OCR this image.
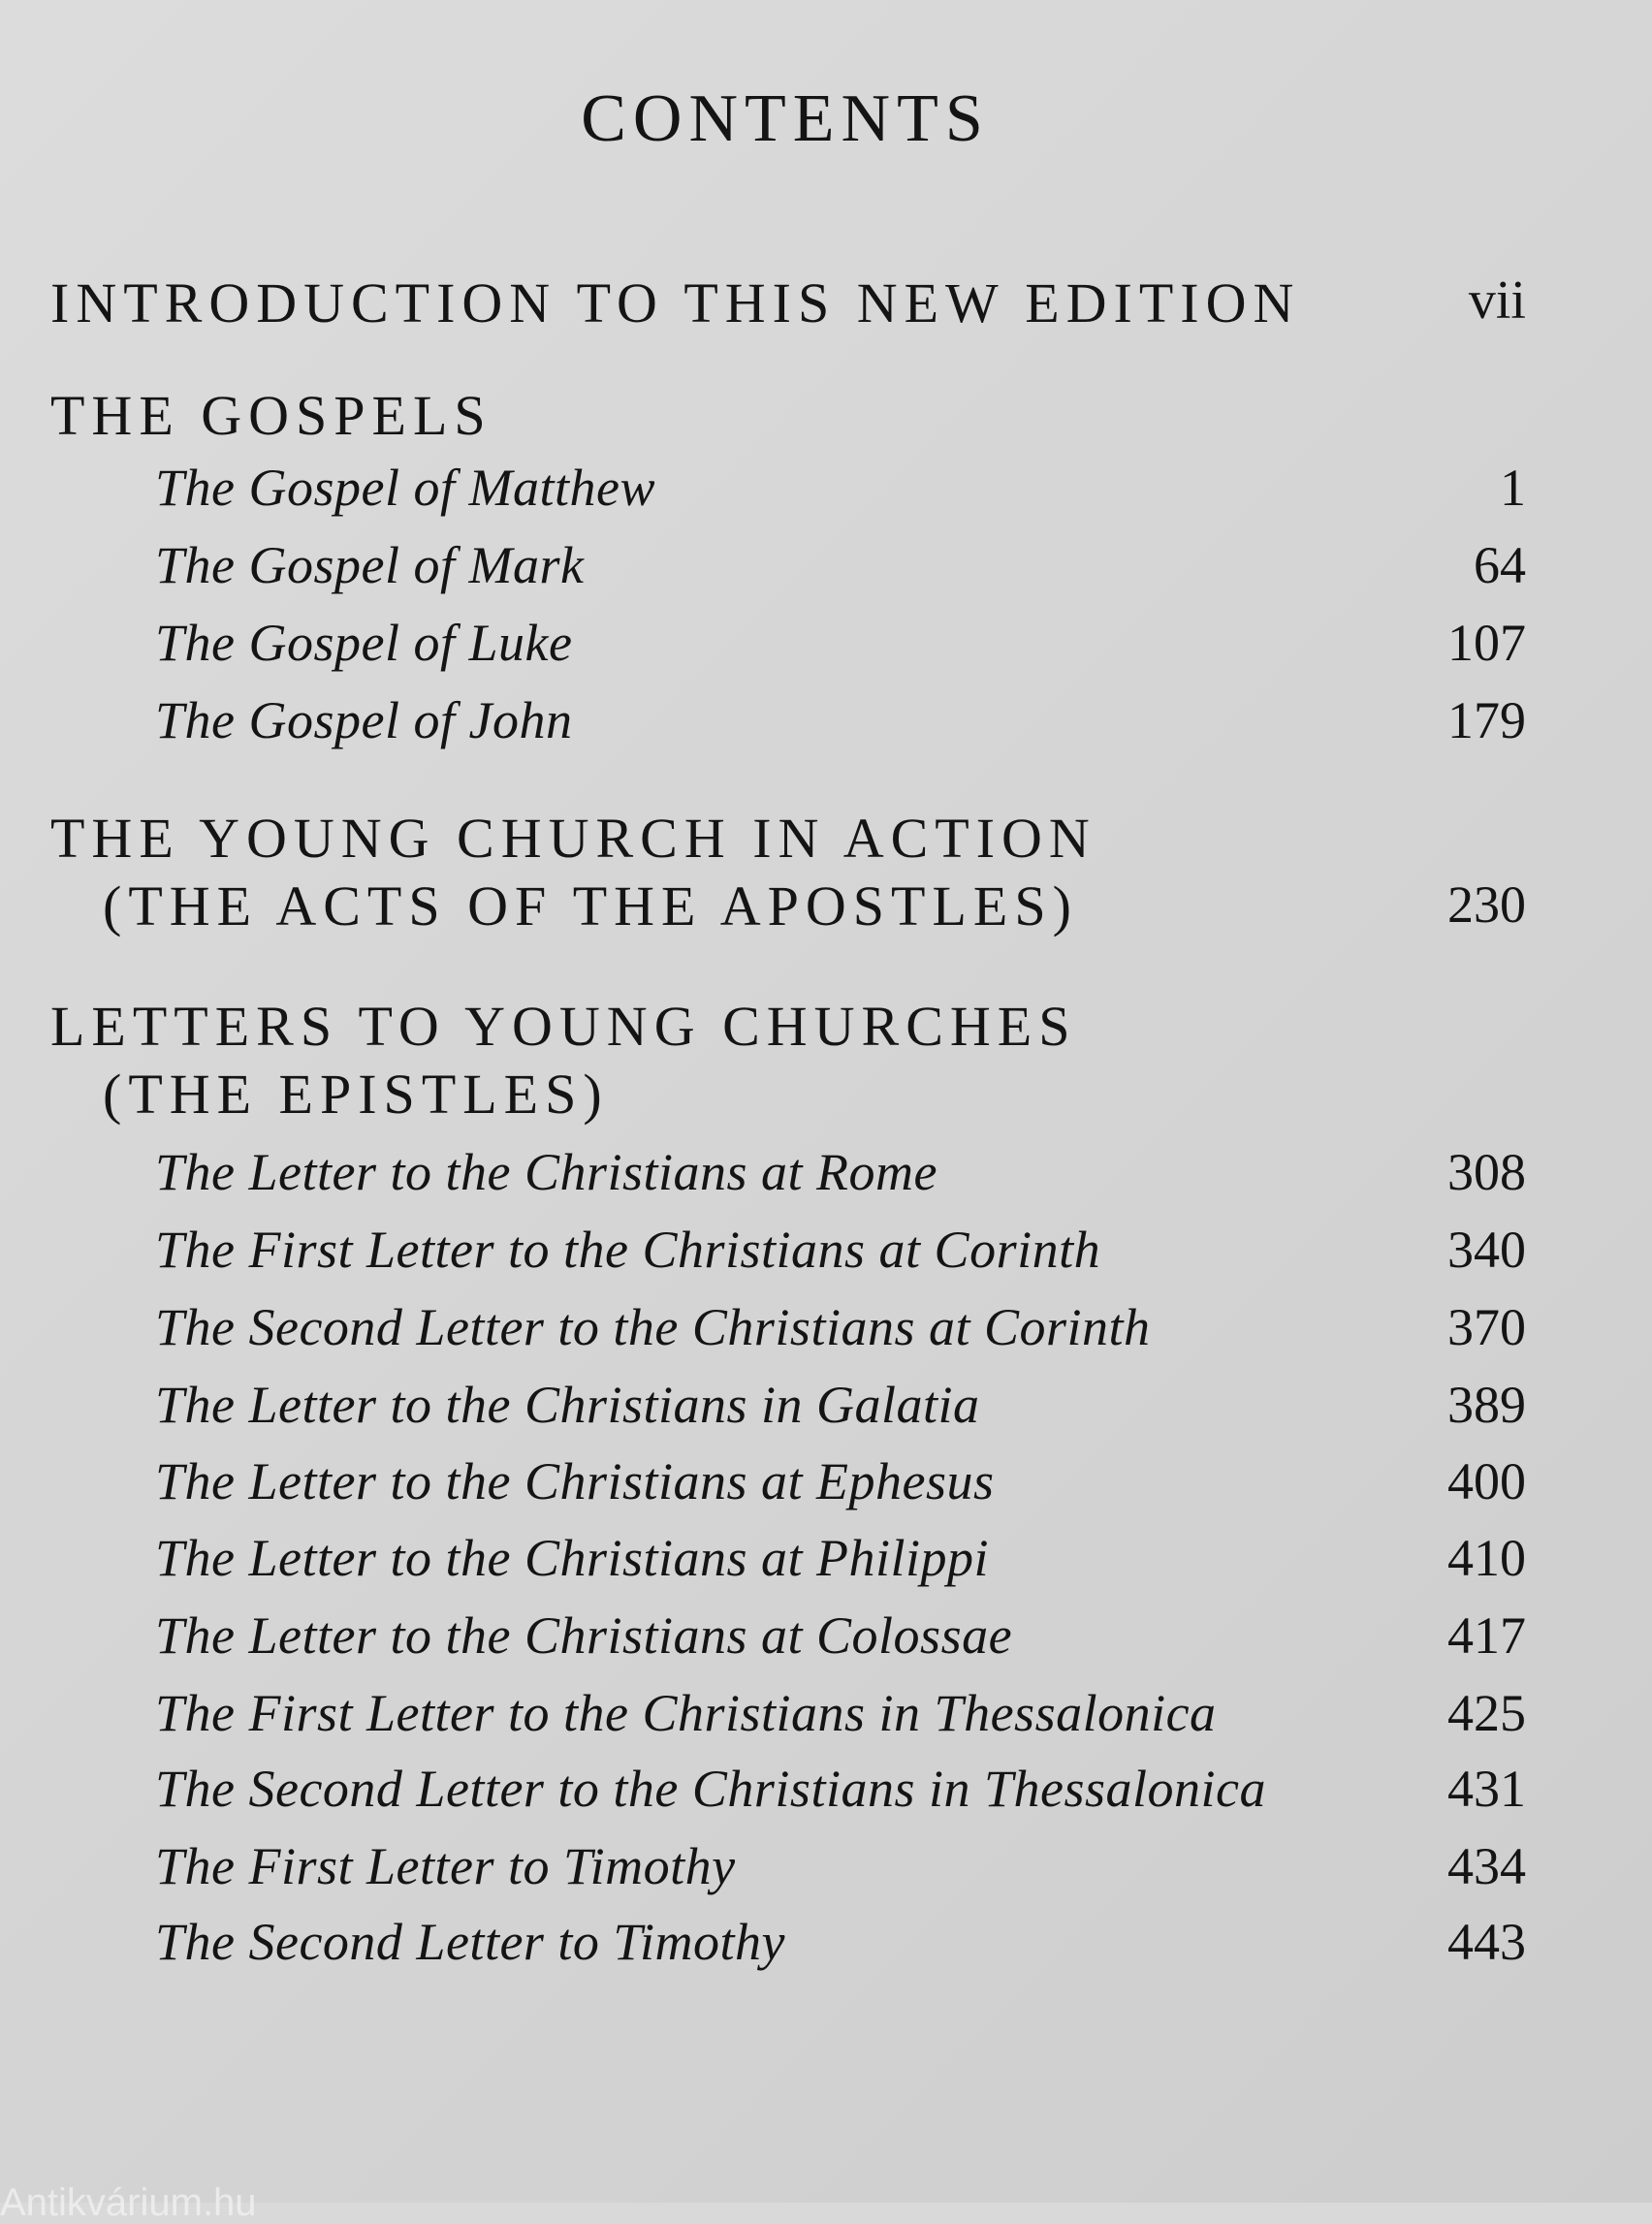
CONTENTS
INTRODUCTION TO THIS NEW EDITION	vii
THE GOSPELS
The Gospel of Matthew	1
The Gospel of Mark	64
The Gospel of Luke	107
The Gospel of John	179
THE YOUNG CHURCH IN ACTION
(THE ACTS OF THE APOSTLES)	230
LETTERS TO YOUNG CHURCHES
(THE EPISTLES)
The Letter to the Christians at Rome	308
The First Letter to the Christians at Corinth	340
The Second Letter to the Christians at Corinth	370
The Letter to the Christians in Galatia	389
The Letter to the Christians at Ephesus	400
The Letter to the Christians at Philippi	410
The Letter to the Christians at Colossae	417
The First Letter to the Christians in Thessalonica	425
The Second Letter to the Christians in Thessalonica	431
The First Letter to Timothy	434
The Second Letter to Timothy	443
Antikvárium.hu
